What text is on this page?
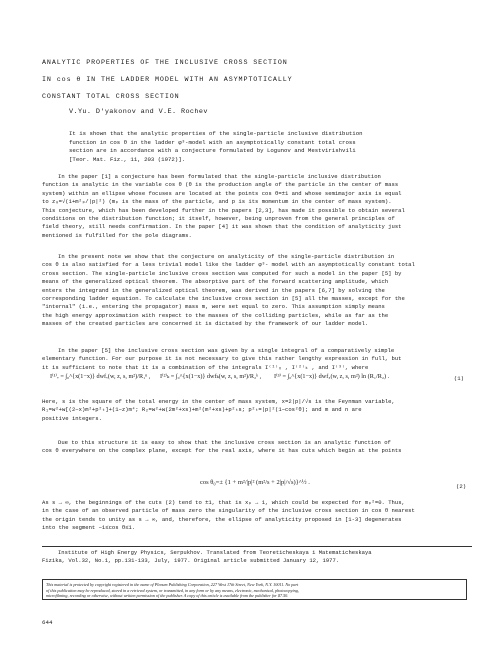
ANALYTIC PROPERTIES OF THE INCLUSIVE CROSS SECTION
IN cos θ IN THE LADDER MODEL WITH AN ASYMPTOTICALLY
CONSTANT TOTAL CROSS SECTION
V.Yu. D'yakonov and V.E. Rochev
It is shown that the analytic properties of the single-particle inclusive distribution
function in cos θ in the ladder φ³-model with an asymptotically constant total cross
section are in accordance with a conjecture formulated by Logunov and Mestvirishvili
[Teor. Mat. Fiz., 11, 203 (1972)].
In the paper [1] a conjecture has been formulated that the single-particle inclusive distribution
function is analytic in the variable cos θ (θ is the production angle of the particle in the center of mass
system) within an ellipse whose focuses are located at the points cos θ=±1 and whose semimajor axis is equal
to z₀=√(1+m²ₚ/|p|²) (mₚ is the mass of the particle, and p is its momentum in the center of mass system).
This conjecture, which has been developed further in the papers [2,3], has made it possible to obtain several
conditions on the distribution function; it itself, however, being unproven from the general principles of
field theory, still needs confirmation. In the paper [4] it was shown that the condition of analyticity just
mentioned is fulfilled for the pole diagrams.
In the present note we show that the conjecture on analyticity of the single-particle distribution in
cos θ is also satisfied for a less trivial model like the ladder φ³- model with an asymptotically constant total
cross section. The single-particle inclusive cross section was computed for such a model in the paper [5] by
means of the generalized optical theorem. The absorptive part of the forward scattering amplitude, which
enters the integrand in the generalized optical theorem, was derived in the papers [6,7] by solving the
corresponding ladder equation. To calculate the inclusive cross section in [5] all the masses, except for the
"internal" (i.e., entering the propagator) mass m, were set equal to zero. This assumption simply means
the high energy approximation with respect to the masses of the colliding particles, while as far as the
masses of the created particles are concerned it is dictated by the framework of our ladder model.
In the paper [5] the inclusive cross section was given by a single integral of a comparatively simple
elementary function. For our purpose it is not necessary to give this rather lengthy expression in full, but
it is sufficient to note that it is a combination of the integrals I⁽¹⁾ᵥ , I⁽²⁾ₖ , and I⁽³⁾, where
I⁽¹⁾ᵥ = ∫₀^{x(1−x)} dwfᵥ(w, z, s, m²)/R₁ⁿ , I⁽²⁾ₖ = ∫₀^{x(1−x)} dwfₖ(w, z, s, m²)/R₂ᵏ , I⁽³⁾ = ∫₀^{x(1−x)} dwf₃(w, z, s, m²) ln (R₁/R₂) .	(1)
Here, s is the square of the total energy in the center of mass system, x=2|p|/√s is the Feynman variable,
R₁=w²+w[(2−x)m²+p²ₜ]+(1−z)m⁴; R₂=w²+w(2m²+xs)+m²(m²+xs)+p²ₜs; p²ₜ=|p|²(1−cos²θ); and m and n are
positive integers.
Due to this structure it is easy to show that the inclusive cross section is an analytic function of
cos θ everywhere on the complex plane, except for the real axis, where it has cuts which begin at the points
cos θ₀=± {1 + m²/|p|² (m²/s + 2|p|/√s)}^½ .
(2)
As s → ∞, the beginnings of the cuts (2) tend to ±1, that is xₚ → 1, which could be expected for mₚ²=0. Thus,
in the case of an observed particle of mass zero the singularity of the inclusive cross section in cos θ nearest
the origin tends to unity as s → ∞, and, therefore, the ellipse of analyticity proposed in [1-3] degenerates
into the segment −1≤cos θ≤1.
Institute of High Energy Physics, Serpukhov. Translated from Teoreticheskaya i Matematicheskaya
Fizika, Vol.32, No.1, pp.131-133, July, 1977. Original article submitted January 12, 1977.
This material is protected by copyright registered in the name of Plenum Publishing Corporation, 227 West 17th Street, New York, N.Y. 10011. No part
of this publication may be reproduced, stored in a retrieval system, or transmitted, in any form or by any means, electronic, mechanical, photocopying,
microfilming, recording or otherwise, without written permission of the publisher. A copy of this article is available from the publisher for $7.50.
644
